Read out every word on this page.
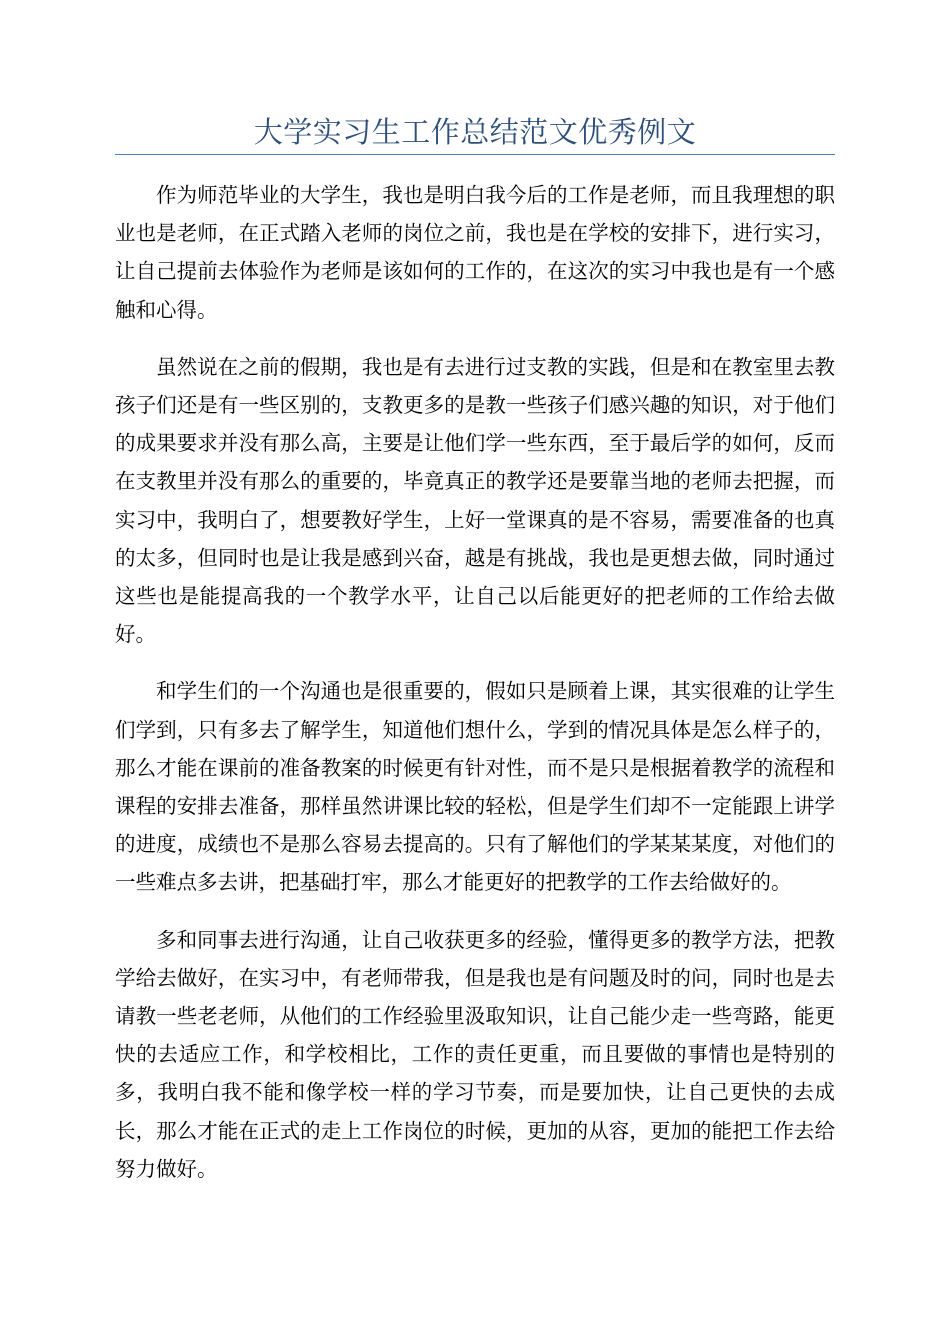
大学实习生工作总结范文优秀例文

作为师范毕业的大学生，我也是明白我今后的工作是老师，而且我理想的职业也是老师，在正式踏入老师的岗位之前，我也是在学校的安排下，进行实习，让自己提前去体验作为老师是该如何的工作的，在这次的实习中我也是有一个感触和心得。

虽然说在之前的假期，我也是有去进行过支教的实践，但是和在教室里去教孩子们还是有一些区别的，支教更多的是教一些孩子们感兴趣的知识，对于他们的成果要求并没有那么高，主要是让他们学一些东西，至于最后学的如何，反而在支教里并没有那么的重要的，毕竟真正的教学还是要靠当地的老师去把握，而实习中，我明白了，想要教好学生，上好一堂课真的是不容易，需要准备的也真的太多，但同时也是让我是感到兴奋，越是有挑战，我也是更想去做，同时通过这些也是能提高我的一个教学水平，让自己以后能更好的把老师的工作给去做好。

和学生们的一个沟通也是很重要的，假如只是顾着上课，其实很难的让学生们学到，只有多去了解学生，知道他们想什么，学到的情况具体是怎么样子的，那么才能在课前的准备教案的时候更有针对性，而不是只是根据着教学的流程和课程的安排去准备，那样虽然讲课比较的轻松，但是学生们却不一定能跟上讲学的进度，成绩也不是那么容易去提高的。只有了解他们的学某某某度，对他们的一些难点多去讲，把基础打牢，那么才能更好的把教学的工作去给做好的。

多和同事去进行沟通，让自己收获更多的经验，懂得更多的教学方法，把教学给去做好，在实习中，有老师带我，但是我也是有问题及时的问，同时也是去请教一些老老师，从他们的工作经验里汲取知识，让自己能少走一些弯路，能更快的去适应工作，和学校相比，工作的责任更重，而且要做的事情也是特别的多，我明白我不能和像学校一样的学习节奏，而是要加快，让自己更快的去成长，那么才能在正式的走上工作岗位的时候，更加的从容，更加的能把工作去给努力做好。
